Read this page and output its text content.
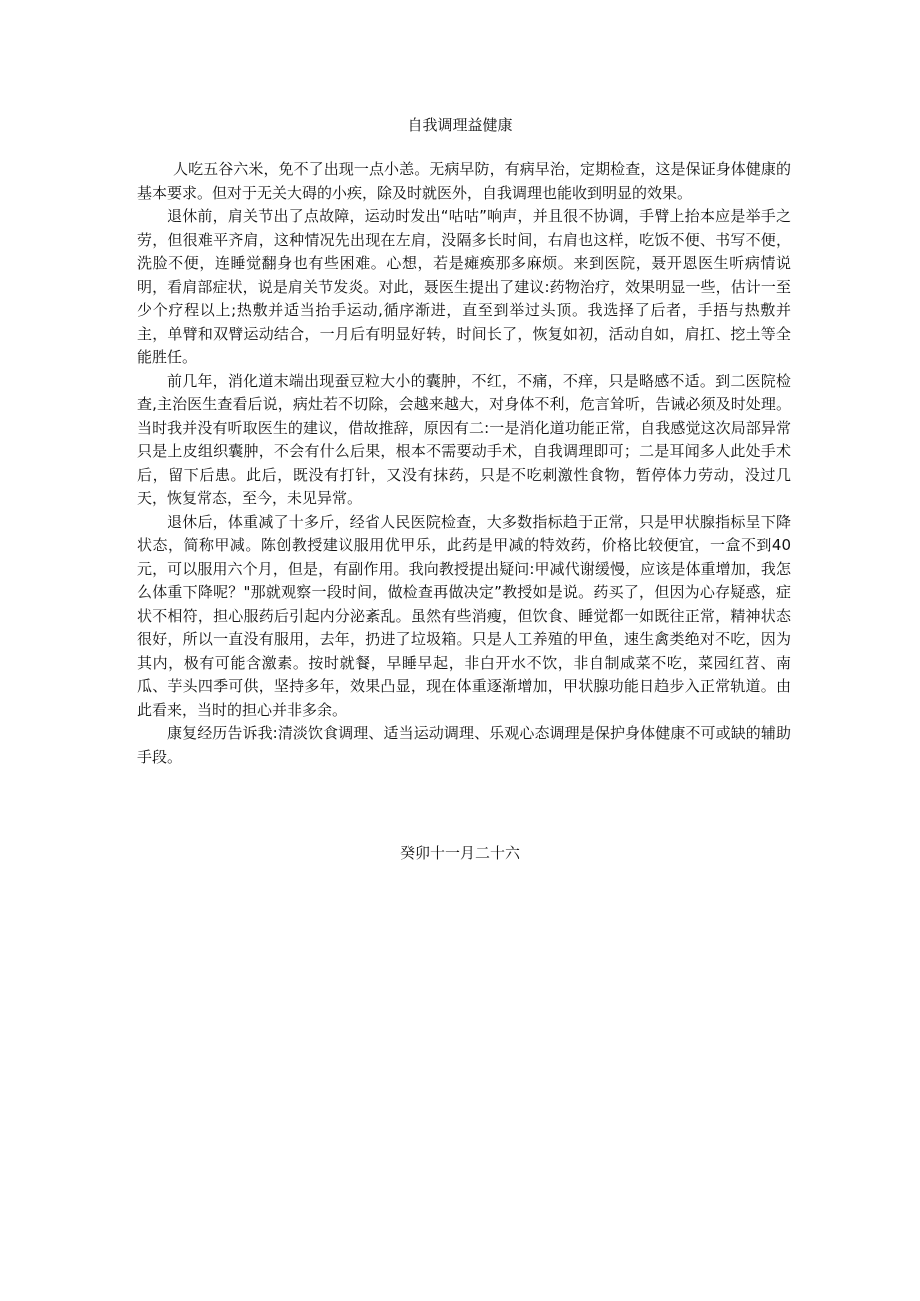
自我调理益健康

人吃五谷六米，免不了出现一点小恙。无病早防，有病早治，定期检查，这是保证身体健康的基本要求。但对于无关大碍的小疾，除及时就医外，自我调理也能收到明显的效果。

退休前，肩关节出了点故障，运动时发出“咕咕”响声，并且很不协调，手臂上抬本应是举手之劳，但很难平齐肩，这种情况先出现在左肩，没隔多长时间，右肩也这样，吃饭不便、书写不便，洗脸不便，连睡觉翻身也有些困难。心想，若是瘫痪那多麻烦。来到医院，聂开恩医生听病情说明，看肩部症状，说是肩关节发炎。对此，聂医生提出了建议:药物治疗，效果明显一些，估计一至少个疗程以上;热敷并适当抬手运动,循序渐进，直至到举过头顶。我选择了后者，手捂与热敷并主，单臂和双臂运动结合，一月后有明显好转，时间长了，恢复如初，活动自如，肩扛、挖土等全能胜任。

前几年，消化道末端出现蚕豆粒大小的囊肿，不红，不痛，不痒，只是略感不适。到二医院检查,主治医生查看后说，病灶若不切除，会越来越大，对身体不利，危言耸听，告诫必须及时处理。当时我并没有听取医生的建议，借故推辞，原因有二:一是消化道功能正常，自我感觉这次局部异常只是上皮组织囊肿，不会有什么后果，根本不需要动手术，自我调理即可；二是耳闻多人此处手术后，留下后患。此后，既没有打针，又没有抹药，只是不吃刺激性食物，暂停体力劳动，没过几天，恢复常态，至今，未见异常。

退休后，体重减了十多斤，经省人民医院检查，大多数指标趋于正常，只是甲状腺指标呈下降状态，简称甲减。陈创教授建议服用优甲乐，此药是甲减的特效药，价格比较便宜，一盒不到40元，可以服用六个月，但是，有副作用。我向教授提出疑问:甲减代谢缓慢，应该是体重增加，我怎么体重下降呢？"那就观察一段时间，做检查再做决定”教授如是说。药买了，但因为心存疑惑，症状不相符，担心服药后引起内分泌紊乱。虽然有些消瘦，但饮食、睡觉都一如既往正常，精神状态很好，所以一直没有服用，去年，扔进了垃圾箱。只是人工养殖的甲鱼，速生禽类绝对不吃，因为其内，极有可能含激素。按时就餐，早睡早起，非白开水不饮，非自制咸菜不吃，菜园红苕、南瓜、芋头四季可供，坚持多年，效果凸显，现在体重逐渐增加，甲状腺功能日趋步入正常轨道。由此看来，当时的担心并非多余。

康复经历告诉我:清淡饮食调理、适当运动调理、乐观心态调理是保护身体健康不可或缺的辅助手段。

癸卯十一月二十六
